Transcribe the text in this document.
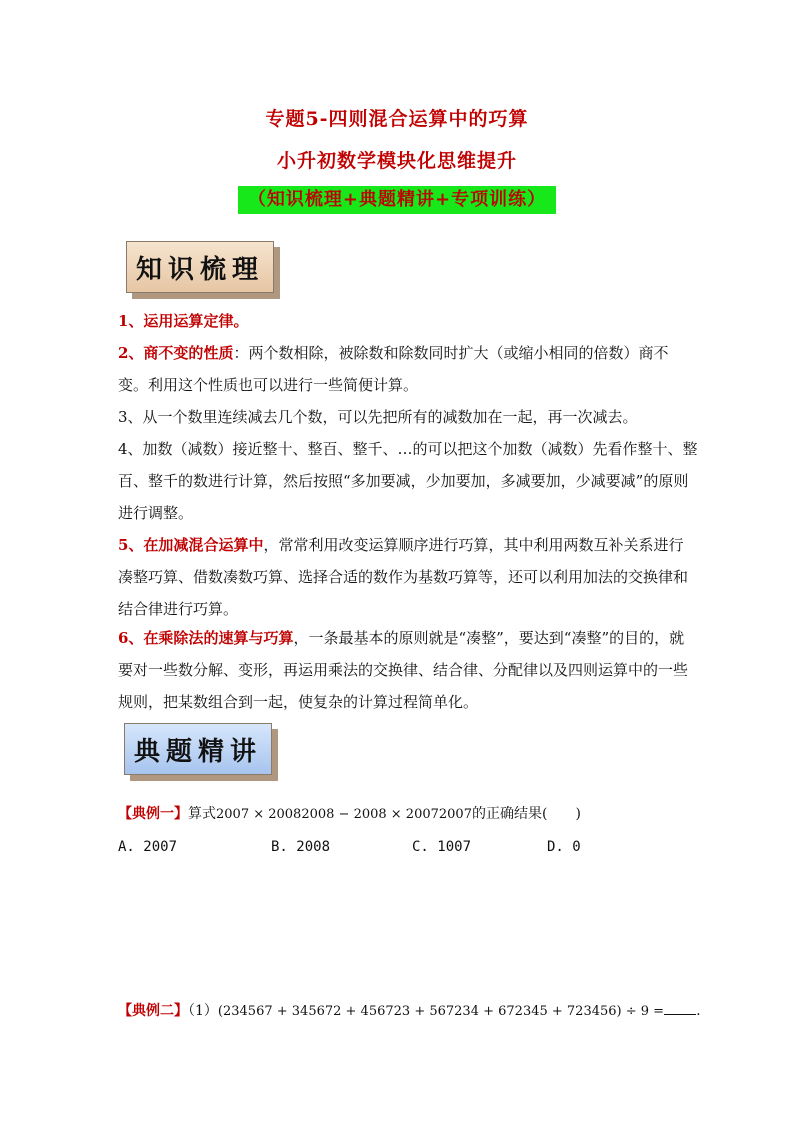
专题5-四则混合运算中的巧算
小升初数学模块化思维提升
（知识梳理+典题精讲+专项训练）
知识梳理
1、运用运算定律。
2、商不变的性质：两个数相除，被除数和除数同时扩大（或缩小相同的倍数）商不变。利用这个性质也可以进行一些简便计算。
3、从一个数里连续减去几个数，可以先把所有的减数加在一起，再一次减去。
4、加数（减数）接近整十、整百、整千、…的可以把这个加数（减数）先看作整十、整百、整千的数进行计算，然后按照“多加要减，少加要加，多减要加，少减要减”的原则进行调整。
5、在加减混合运算中，常常利用改变运算顺序进行巧算，其中利用两数互补关系进行凑整巧算、借数凑数巧算、选择合适的数作为基数巧算等，还可以利用加法的交换律和结合律进行巧算。
6、在乘除法的速算与巧算，一条最基本的原则就是“凑整”，要达到“凑整”的目的，就要对一些数分解、变形，再运用乘法的交换律、结合律、分配律以及四则运算中的一些规则，把某数组合到一起，使复杂的计算过程简单化。
典题精讲
【典例一】算式2007 × 20082008 − 2008 × 20072007的正确结果(　　)
A. 2007	B. 2008	C. 1007	D. 0
【典例二】（1）(234567 + 345672 + 456723 + 567234 + 672345 + 723456) ÷ 9 = .
